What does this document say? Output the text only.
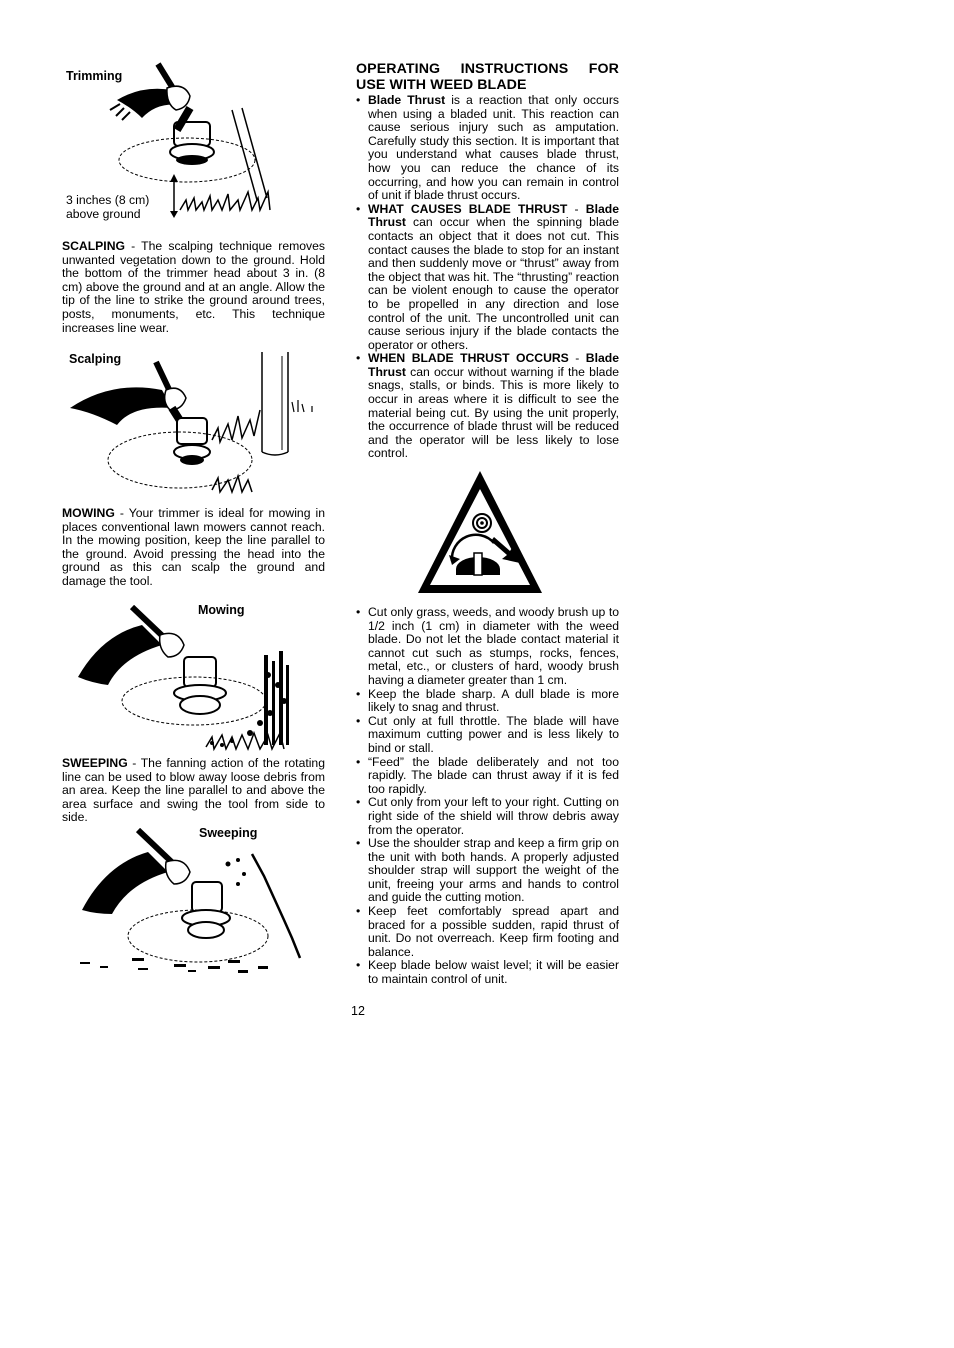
Trimming
3 inches (8 cm)
above ground
SCALPING - The scalping technique removes unwanted vegetation down to the ground. Hold the bottom of the trimmer head about 3 in. (8 cm) above the ground and at an angle. Allow the tip of the line to strike the ground around trees, posts, monuments, etc. This technique increases line wear.
Scalping
MOWING - Your trimmer is ideal for mowing in places conventional lawn mowers cannot reach. In the mowing position, keep the line parallel to the ground. Avoid pressing the head into the ground as this can scalp the ground and damage the tool.
Mowing
SWEEPING - The fanning action of the rotating line can be used to blow away loose debris from an area. Keep the line parallel to and above the area surface and swing the tool from side to side.
Sweeping
OPERATING INSTRUCTIONS FOR USE WITH WEED BLADE
• Blade Thrust is a reaction that only occurs when using a bladed unit. This reaction can cause serious injury such as amputation. Carefully study this section. It is important that you understand what causes blade thrust, how you can reduce the chance of its occurring, and how you can remain in control of unit if blade thrust occurs.
• WHAT CAUSES BLADE THRUST - Blade Thrust can occur when the spinning blade contacts an object that it does not cut. This contact causes the blade to stop for an instant and then suddenly move or “thrust” away from the object that was hit. The “thrusting” reaction can be violent enough to cause the operator to be propelled in any direction and lose control of the unit. The uncontrolled unit can cause serious injury if the blade contacts the operator or others.
• WHEN BLADE THRUST OCCURS - Blade Thrust can occur without warning if the blade snags, stalls, or binds. This is more likely to occur in areas where it is difficult to see the material being cut. By using the unit properly, the occurrence of blade thrust will be reduced and the operator will be less likely to lose control.
• Cut only grass, weeds, and woody brush up to 1/2 inch (1 cm) in diameter with the weed blade. Do not let the blade contact material it cannot cut such as stumps, rocks, fences, metal, etc., or clusters of hard, woody brush having a diameter greater than 1 cm.
• Keep the blade sharp. A dull blade is more likely to snag and thrust.
• Cut only at full throttle. The blade will have maximum cutting power and is less likely to bind or stall.
• “Feed” the blade deliberately and not too rapidly. The blade can thrust away if it is fed too rapidly.
• Cut only from your left to your right. Cutting on right side of the shield will throw debris away from the operator.
• Use the shoulder strap and keep a firm grip on the unit with both hands. A properly adjusted shoulder strap will support the weight of the unit, freeing your arms and hands to control and guide the cutting motion.
• Keep feet comfortably spread apart and braced for a possible sudden, rapid thrust of unit. Do not overreach. Keep firm footing and balance.
• Keep blade below waist level; it will be easier to maintain control of unit.
12
